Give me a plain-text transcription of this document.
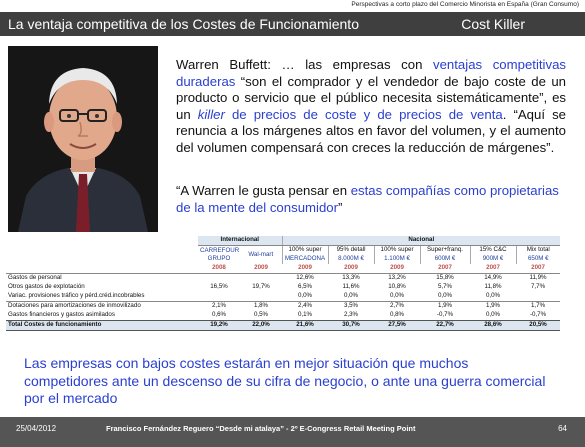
Perspectivas a corto plazo del Comercio Minorista en España (Gran Consumo)
La ventaja competitiva de los Costes de Funcionamiento	Cost Killer
Warren Buffett: … las empresas con ventajas competitivas duraderas “son el comprador y el vendedor de bajo coste de un producto o servicio que el público necesita sistemáticamente”, es un killer de precios de coste y de precios de venta. “Aquí se renuncia a los márgenes altos en favor del volumen, y el aumento del volumen compensará con creces la reducción de márgenes”.
“A Warren le gusta pensar en estas compañías como propietarias de la mente del consumidor”
	Internacional		Nacional					
	CARREFOUR GRUPO	Wal-mart	100% super	95% detall	100% super	Super+franq.	15% C&C	Mix total
			MERCADONA	8.000M €	1.100M €	600M €	900M €	650M €
	2008	2009	2009	2009	2009	2007	2007	2007
Gastos de personal			12,6%	13,3%	13,2%	15,8%	14,9%	11,9%
Otros gastos de explotación	16,5%	19,7%	6,5%	11,6%	10,8%	5,7%	11,8%	7,7%
Variac. provisiones tráfico y pérd.créd.incobrables			0,0%	0,0%	0,0%	0,0%	0,0%	
Dotaciones para amortizaciones de inmovilizado	2,1%	1,8%	2,4%	3,5%	2,7%	1,9%	1,9%	1,7%
Gastos financieros y gastos asimilados	0,6%	0,5%	0,1%	2,3%	0,8%	-0,7%	0,0%	-0,7%
Total Costes de funcionamiento	19,2%	22,0%	21,6%	30,7%	27,5%	22,7%	28,6%	20,5%
Las empresas con bajos costes estarán en mejor situación que muchos competidores ante un descenso de su cifra de negocio, o ante una guerra comercial por el mercado
25/04/2012	Francisco Fernández Reguero “Desde mi atalaya” - 2º E-Congress Retail Meeting Point	64
